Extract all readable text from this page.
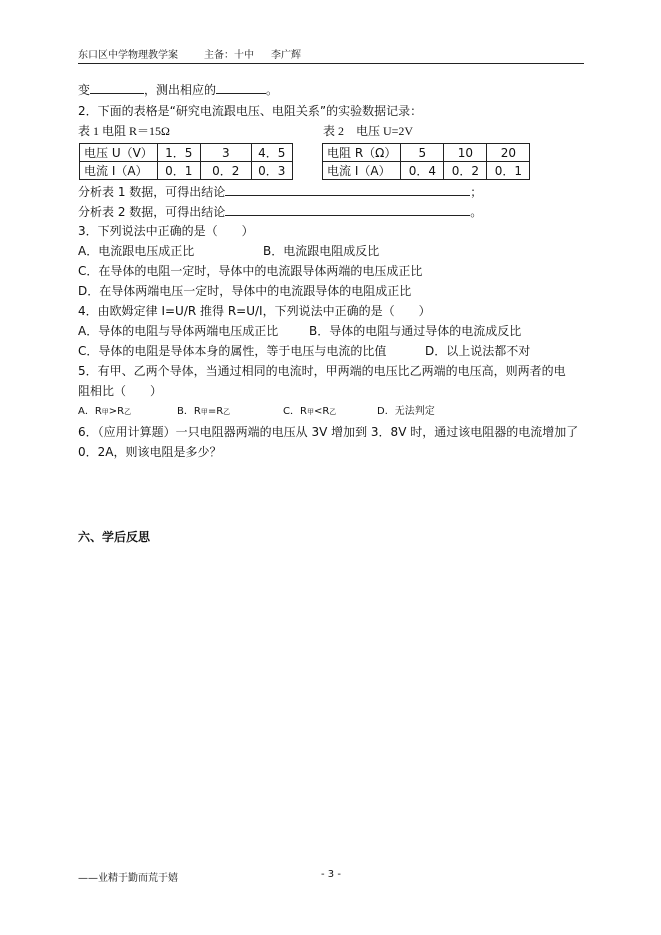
东口区中学物理教学案	主备：十中 李广辉
变	，测出相应的	。
2．下面的表格是“研究电流跟电压、电阻关系”的实验数据记录：
表 1 电阻 R＝15Ω	表 2　电压 U=2V
电压 U（V）	1．5	3	4．5
电流 I（A）	0．1	0．2	0．3
电阻 R（Ω）	5	10	20
电流 I（A）	0．4	0．2	0．1
分析表 1 数据，可得出结论	；
分析表 2 数据，可得出结论	。
3．下列说法中正确的是（　　）
A．电流跟电压成正比	B．电流跟电阻成反比
C．在导体的电阻一定时，导体中的电流跟导体两端的电压成正比
D．在导体两端电压一定时，导体中的电流跟导体的电阻成正比
4．由欧姆定律 I=U/R 推得 R=U/I，下列说法中正确的是（　　）
A．导体的电阻与导体两端电压成正比	B．导体的电阻与通过导体的电流成反比
C．导体的电阻是导体本身的属性，等于电压与电流的比值	D．以上说法都不对
5．有甲、乙两个导体，当通过相同的电流时，甲两端的电压比乙两端的电压高，则两者的电
阻相比（　　）
A．R甲>R乙	B．R甲=R乙	C．R甲<R乙	D．无法判定
6．（应用计算题）一只电阻器两端的电压从 3V 增加到 3．8V 时，通过该电阻器的电流增加了
0．2A，则该电阻是多少？
六、学后反思
——业精于勤而荒于嬉	- 3 -
